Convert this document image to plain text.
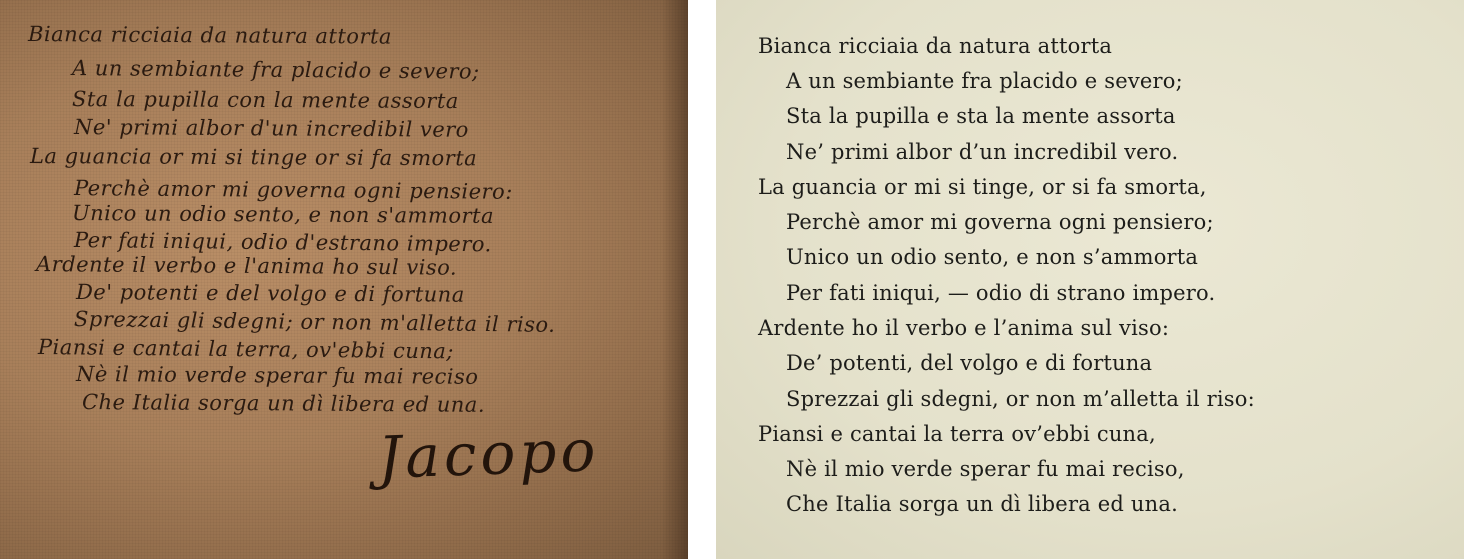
Bianca ricciaia da natura attorta
A un sembiante fra placido e severo;
Sta la pupilla con la mente assorta
Ne' primi albor d'un incredibil vero
La guancia or mi si tinge or si fa smorta
Perchè amor mi governa ogni pensiero:
Unico un odio sento, e non s'ammorta
Per fati iniqui, odio d'estrano impero.
Ardente il verbo e l'anima ho sul viso.
De' potenti e del volgo e di fortuna
Sprezzai gli sdegni; or non m'alletta il riso.
Piansi e cantai la terra, ov'ebbi cuna;
Nè il mio verde sperar fu mai reciso
Che Italia sorga un dì libera ed una.
Jacopo
Bianca ricciaia da natura attorta
A un sembiante fra placido e severo;
Sta la pupilla e sta la mente assorta
Ne’ primi albor d’un incredibil vero.
La guancia or mi si tinge, or si fa smorta,
Perchè amor mi governa ogni pensiero;
Unico un odio sento, e non s’ammorta
Per fati iniqui, — odio di strano impero.
Ardente ho il verbo e l’anima sul viso:
De’ potenti, del volgo e di fortuna
Sprezzai gli sdegni, or non m’alletta il riso:
Piansi e cantai la terra ov’ebbi cuna,
Nè il mio verde sperar fu mai reciso,
Che Italia sorga un dì libera ed una.
